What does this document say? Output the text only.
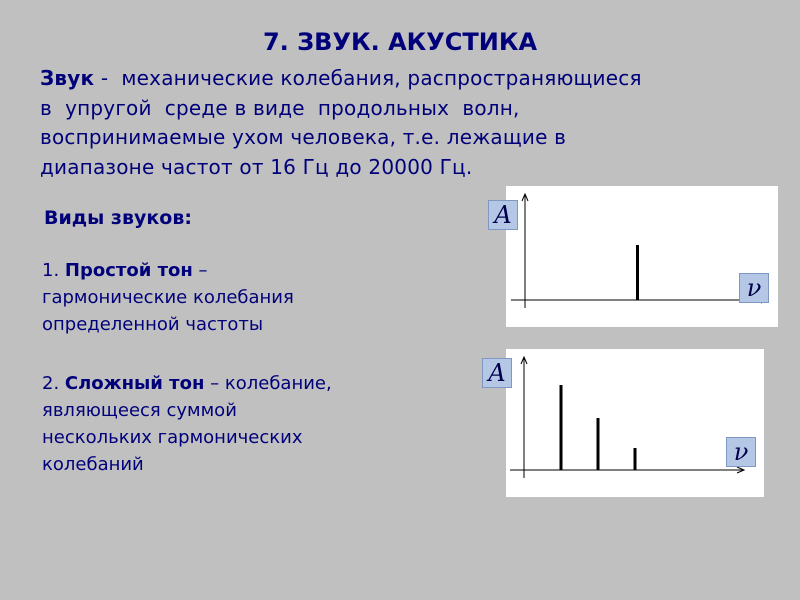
7. ЗВУК. АКУСТИКА
Звук -  механические колебания, распространяющиеся
в  упругой  среде в виде  продольных  волн,
воспринимаемые ухом человека, т.е. лежащие в
диапазоне частот от 16 Гц до 20000 Гц.
Виды звуков:
1. Простой тон –
гармонические колебания
определенной частоты
2. Сложный тон – колебание,
являющееся суммой
нескольких гармонических
колебаний
A
ν
A
ν
